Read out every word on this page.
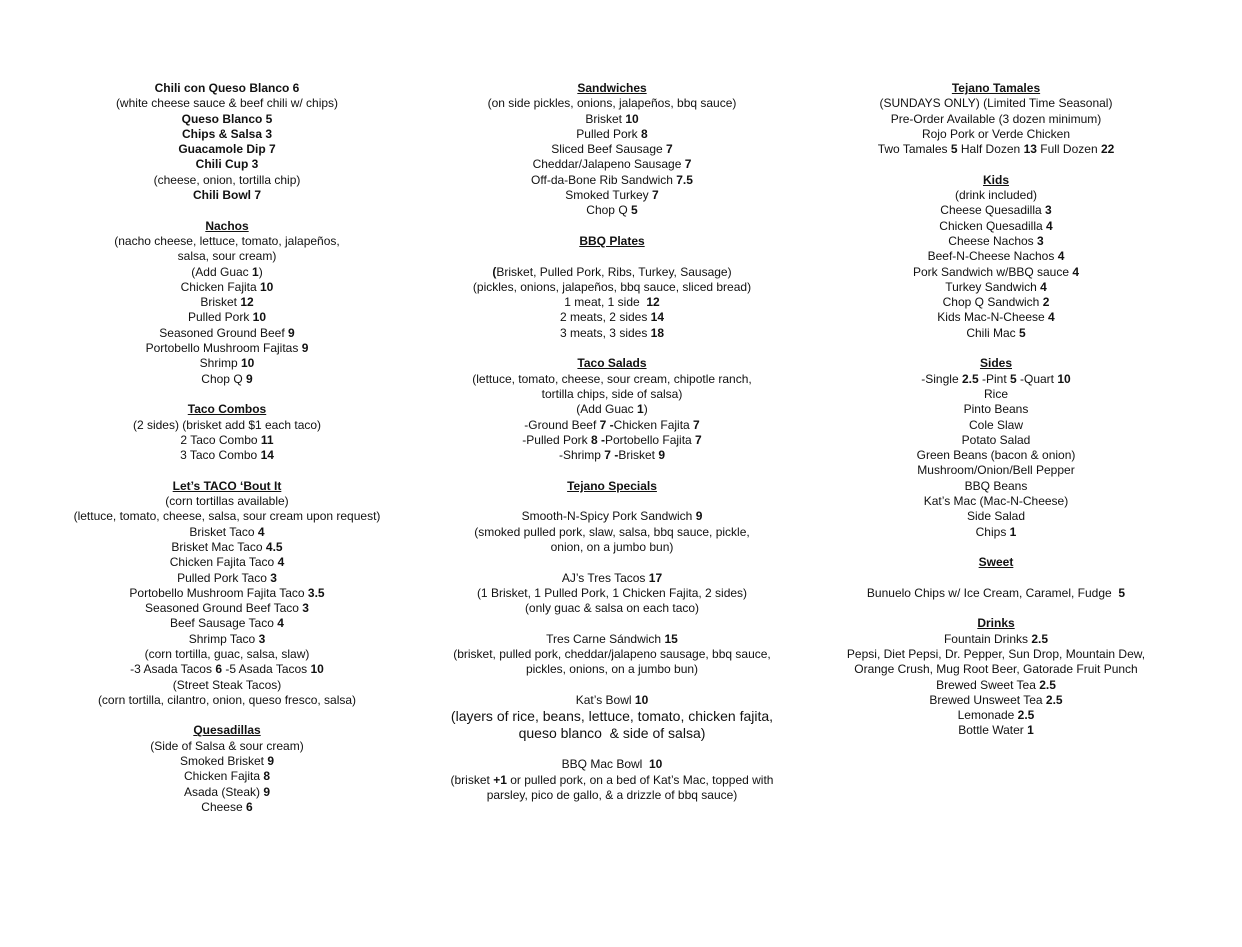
Chili con Queso Blanco 6
(white cheese sauce & beef chili w/ chips)
Queso Blanco 5
Chips & Salsa 3
Guacamole Dip 7
Chili Cup 3
(cheese, onion, tortilla chip)
Chili Bowl 7
Nachos
(nacho cheese, lettuce, tomato, jalapeños,
salsa, sour cream)
(Add Guac 1)
Chicken Fajita 10
Brisket 12
Pulled Pork 10
Seasoned Ground Beef 9
Portobello Mushroom Fajitas 9
Shrimp 10
Chop Q 9
Taco Combos
(2 sides) (brisket add $1 each taco)
2 Taco Combo 11
3 Taco Combo 14
Let’s TACO ‘Bout It
(corn tortillas available)
(lettuce, tomato, cheese, salsa, sour cream upon request)
Brisket Taco 4
Brisket Mac Taco 4.5
Chicken Fajita Taco 4
Pulled Pork Taco 3
Portobello Mushroom Fajita Taco 3.5
Seasoned Ground Beef Taco 3
Beef Sausage Taco 4
Shrimp Taco 3
(corn tortilla, guac, salsa, slaw)
-3 Asada Tacos 6 -5 Asada Tacos 10
(Street Steak Tacos)
(corn tortilla, cilantro, onion, queso fresco, salsa)
Quesadillas
(Side of Salsa & sour cream)
Smoked Brisket 9
Chicken Fajita 8
Asada (Steak) 9
Cheese 6
Sandwiches
(on side pickles, onions, jalapeños, bbq sauce)
Brisket 10
Pulled Pork 8
Sliced Beef Sausage 7
Cheddar/Jalapeno Sausage 7
Off-da-Bone Rib Sandwich 7.5
Smoked Turkey 7
Chop Q 5
BBQ Plates
(Brisket, Pulled Pork, Ribs, Turkey, Sausage)
(pickles, onions, jalapeños, bbq sauce, sliced bread)
1 meat, 1 side  12
2 meats, 2 sides 14
3 meats, 3 sides 18
Taco Salads
(lettuce, tomato, cheese, sour cream, chipotle ranch,
tortilla chips, side of salsa)
(Add Guac 1)
-Ground Beef 7 -Chicken Fajita 7
-Pulled Pork 8 -Portobello Fajita 7
-Shrimp 7 -Brisket 9
Tejano Specials
Smooth-N-Spicy Pork Sandwich 9
(smoked pulled pork, slaw, salsa, bbq sauce, pickle,
onion, on a jumbo bun)
AJ’s Tres Tacos 17
(1 Brisket, 1 Pulled Pork, 1 Chicken Fajita, 2 sides)
(only guac & salsa on each taco)
Tres Carne Sándwich 15
(brisket, pulled pork, cheddar/jalapeno sausage, bbq sauce,
pickles, onions, on a jumbo bun)
Kat’s Bowl 10
(layers of rice, beans, lettuce, tomato, chicken fajita,
queso blanco  & side of salsa)
BBQ Mac Bowl  10
(brisket +1 or pulled pork, on a bed of Kat’s Mac, topped with
parsley, pico de gallo, & a drizzle of bbq sauce)
Tejano Tamales
(SUNDAYS ONLY) (Limited Time Seasonal)
Pre-Order Available (3 dozen minimum)
Rojo Pork or Verde Chicken
Two Tamales 5 Half Dozen 13 Full Dozen 22
Kids
(drink included)
Cheese Quesadilla 3
Chicken Quesadilla 4
Cheese Nachos 3
Beef-N-Cheese Nachos 4
Pork Sandwich w/BBQ sauce 4
Turkey Sandwich 4
Chop Q Sandwich 2
Kids Mac-N-Cheese 4
Chili Mac 5
Sides
-Single 2.5 -Pint 5 -Quart 10
Rice
Pinto Beans
Cole Slaw
Potato Salad
Green Beans (bacon & onion)
Mushroom/Onion/Bell Pepper
BBQ Beans
Kat’s Mac (Mac-N-Cheese)
Side Salad
Chips 1
Sweet
Bunuelo Chips w/ Ice Cream, Caramel, Fudge  5
Drinks
Fountain Drinks 2.5
Pepsi, Diet Pepsi, Dr. Pepper, Sun Drop, Mountain Dew,
Orange Crush, Mug Root Beer, Gatorade Fruit Punch
Brewed Sweet Tea 2.5
Brewed Unsweet Tea 2.5
Lemonade 2.5
Bottle Water 1
